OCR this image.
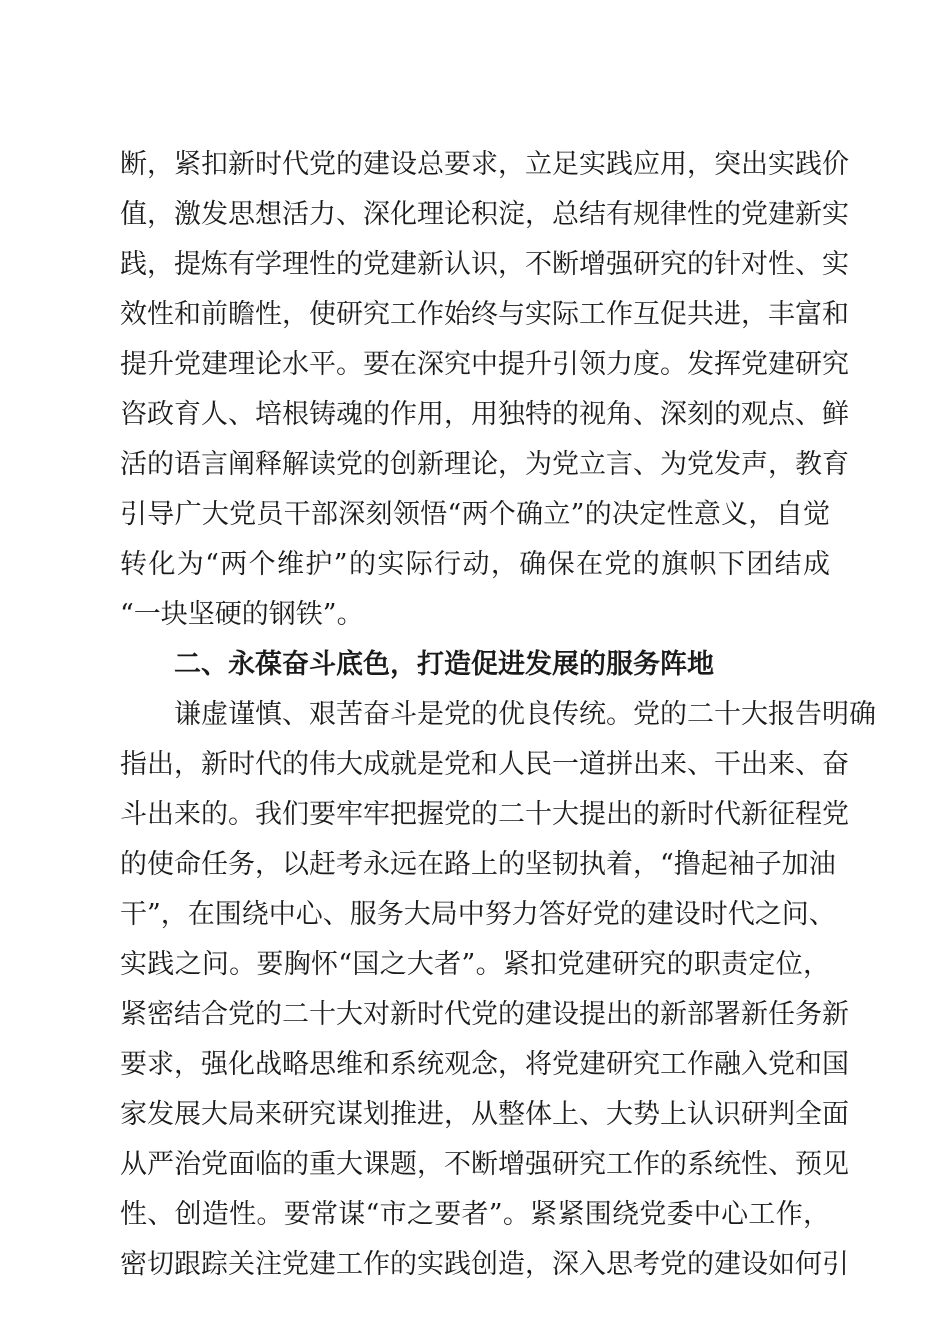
断，紧扣新时代党的建设总要求，立足实践应用，突出实践价
值，激发思想活力、深化理论积淀，总结有规律性的党建新实
践，提炼有学理性的党建新认识，不断增强研究的针对性、实
效性和前瞻性，使研究工作始终与实际工作互促共进，丰富和
提升党建理论水平。要在深究中提升引领力度。发挥党建研究
咨政育人、培根铸魂的作用，用独特的视角、深刻的观点、鲜
活的语言阐释解读党的创新理论，为党立言、为党发声，教育
引导广大党员干部深刻领悟“两个确立”的决定性意义，自觉
转化为“两个维护”的实际行动，确保在党的旗帜下团结成
“一块坚硬的钢铁”。
二、永葆奋斗底色，打造促进发展的服务阵地
谦虚谨慎、艰苦奋斗是党的优良传统。党的二十大报告明确
指出，新时代的伟大成就是党和人民一道拼出来、干出来、奋
斗出来的。我们要牢牢把握党的二十大提出的新时代新征程党
的使命任务，以赶考永远在路上的坚韧执着，“撸起袖子加油
干”，在围绕中心、服务大局中努力答好党的建设时代之问、
实践之问。要胸怀“国之大者”。紧扣党建研究的职责定位，
紧密结合党的二十大对新时代党的建设提出的新部署新任务新
要求，强化战略思维和系统观念，将党建研究工作融入党和国
家发展大局来研究谋划推进，从整体上、大势上认识研判全面
从严治党面临的重大课题，不断增强研究工作的系统性、预见
性、创造性。要常谋“市之要者”。紧紧围绕党委中心工作，
密切跟踪关注党建工作的实践创造，深入思考党的建设如何引
